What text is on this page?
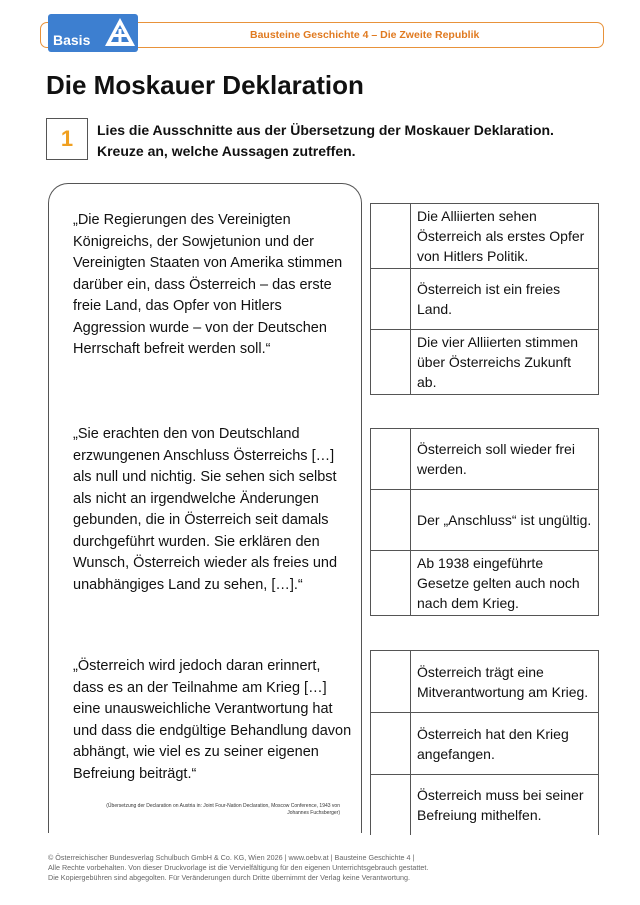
Basis	Bausteine Geschichte 4 – Die Zweite Republik
Die Moskauer Deklaration
1	Lies die Ausschnitte aus der Übersetzung der Moskauer Deklaration. Kreuze an, welche Aussagen zutreffen.
„Die Regierungen des Vereinigten Königreichs, der Sowjetunion und der Vereinigten Staaten von Amerika stimmen darüber ein, dass Österreich – das erste freie Land, das Opfer von Hitlers Aggression wurde – von der Deutschen Herrschaft befreit werden soll.“
„Sie erachten den von Deutschland erzwungenen Anschluss Österreichs […] als null und nichtig. Sie sehen sich selbst als nicht an irgendwelche Änderungen gebunden, die in Österreich seit damals durchgeführt wurden. Sie erklären den Wunsch, Österreich wieder als freies und unabhängiges Land zu sehen, […].“
„Österreich wird jedoch daran erinnert, dass es an der Teilnahme am Krieg […] eine unausweichliche Verantwortung hat und dass die endgültige Behandlung davon abhängt, wie viel es zu seiner eigenen Befreiung beiträgt.“
(Übersetzung der Declaration on Austria in: Joint Four-Nation Declaration, Moscow Conference, 1943 von Johannes Fuchsberger)
	Die Alliierten sehen Österreich als erstes Opfer von Hitlers Politik.
	Österreich ist ein freies Land.
	Die vier Alliierten stimmen über Österreichs Zukunft ab.
	Österreich soll wieder frei werden.
	Der „Anschluss“ ist ungültig.
	Ab 1938 eingeführte Gesetze gelten auch noch nach dem Krieg.
	Österreich trägt eine Mitverantwortung am Krieg.
	Österreich hat den Krieg angefangen.
	Österreich muss bei seiner Befreiung mithelfen.
© Österreichischer Bundesverlag Schulbuch GmbH & Co. KG, Wien 2026 | www.oebv.at | Bausteine Geschichte 4 |
Alle Rechte vorbehalten. Von dieser Druckvorlage ist die Vervielfältigung für den eigenen Unterrichtsgebrauch gestattet.
Die Kopiergebühren sind abgegolten. Für Veränderungen durch Dritte übernimmt der Verlag keine Verantwortung.
